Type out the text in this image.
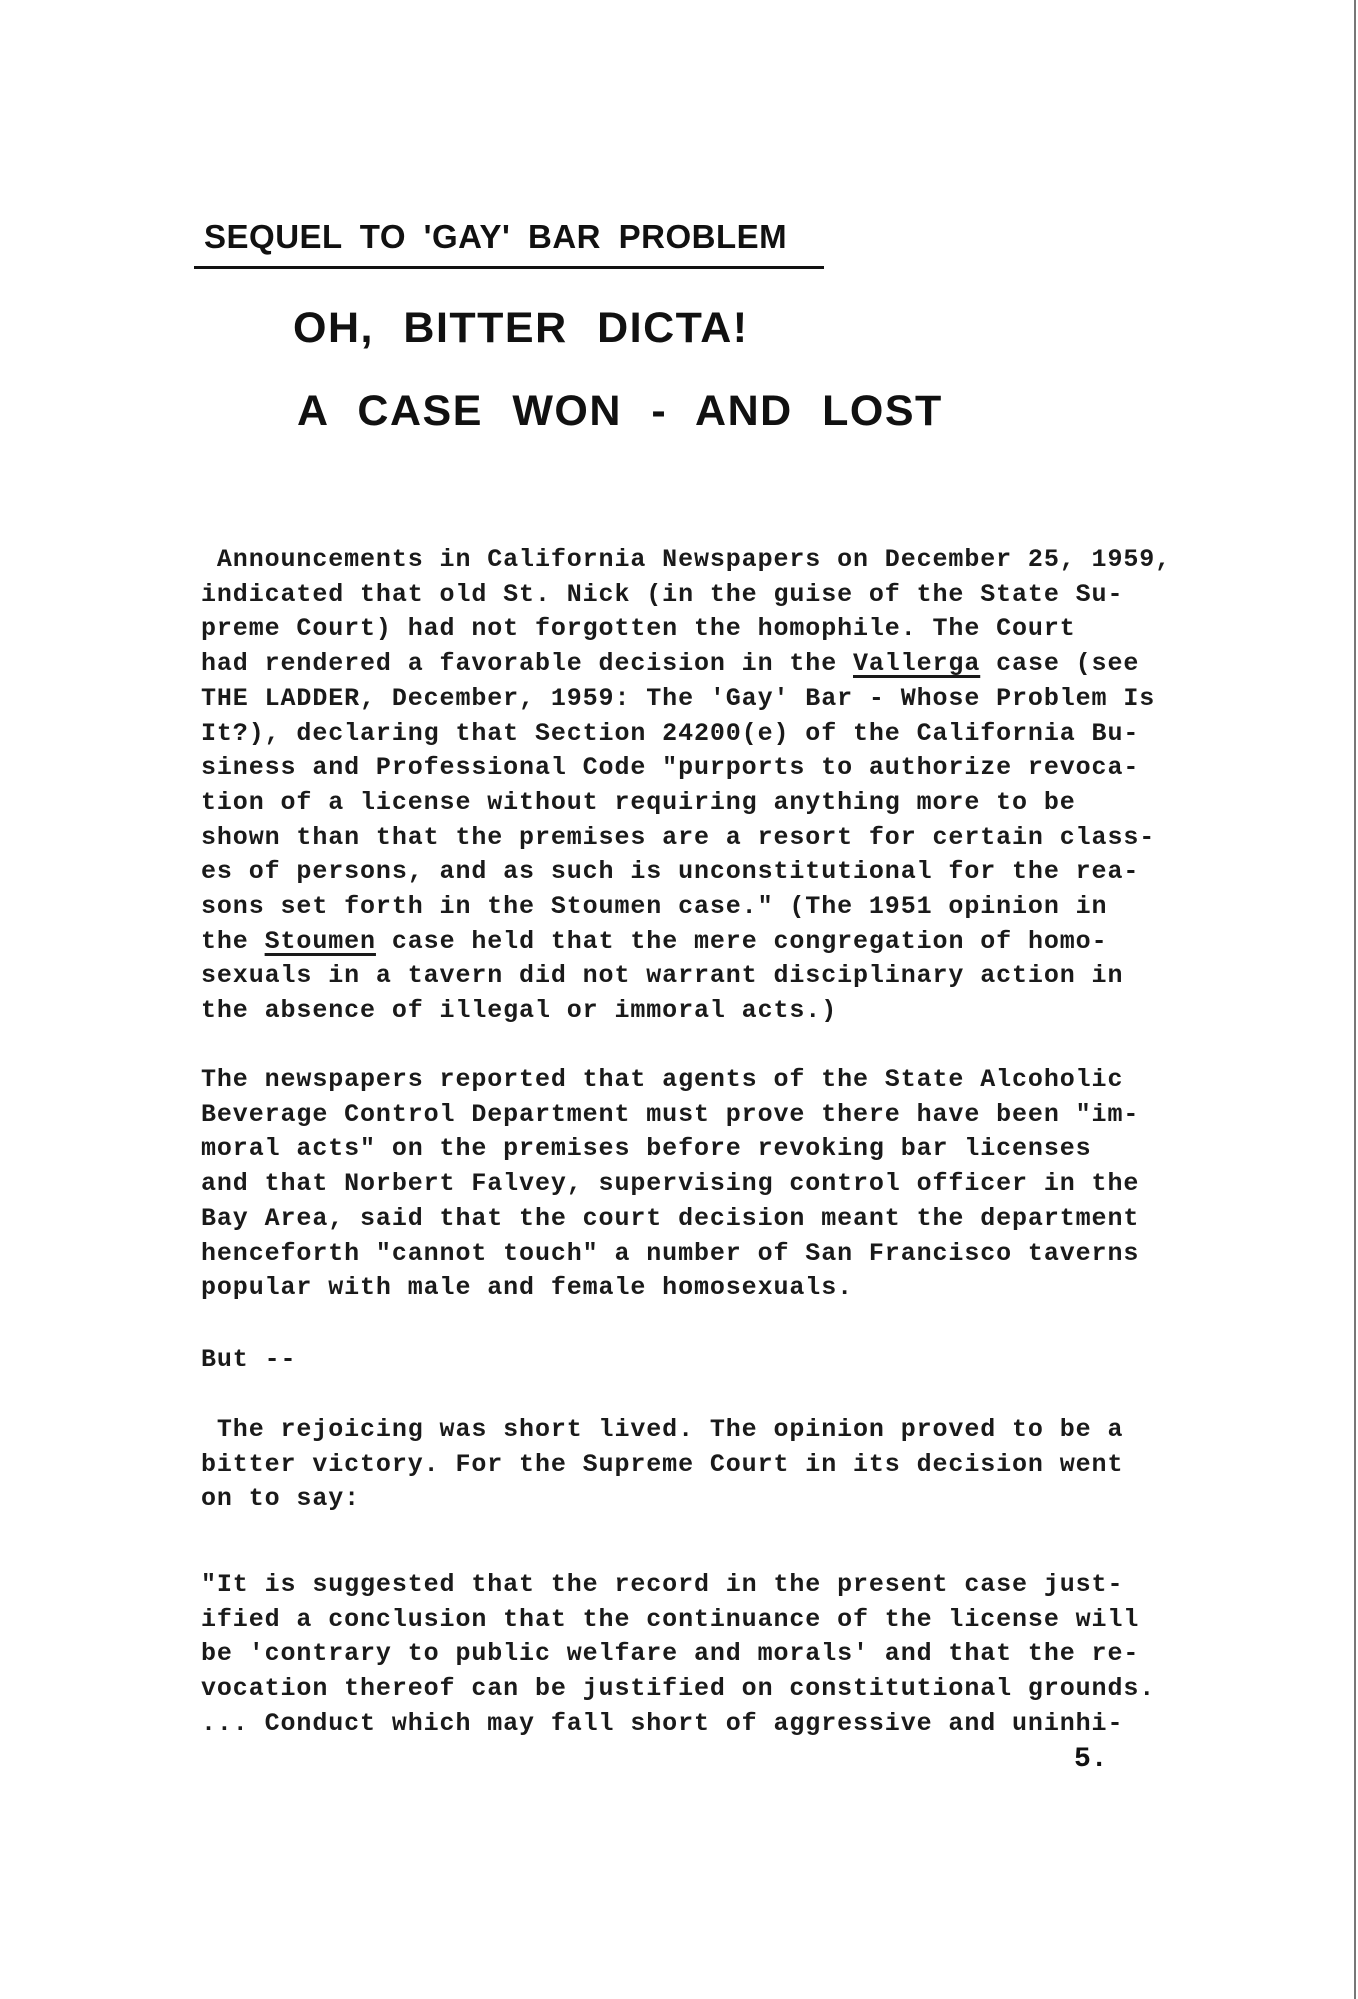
SEQUEL TO 'GAY' BAR PROBLEM
OH, BITTER DICTA!
A CASE WON - AND LOST
Announcements in California Newspapers on December 25, 1959,
indicated that old St. Nick (in the guise of the State Su-
preme Court) had not forgotten the homophile. The Court
had rendered a favorable decision in the Vallerga case (see
THE LADDER, December, 1959: The 'Gay' Bar - Whose Problem Is
It?), declaring that Section 24200(e) of the California Bu-
siness and Professional Code "purports to authorize revoca-
tion of a license without requiring anything more to be
shown than that the premises are a resort for certain class-
es of persons, and as such is unconstitutional for the rea-
sons set forth in the Stoumen case." (The 1951 opinion in
the Stoumen case held that the mere congregation of homo-
sexuals in a tavern did not warrant disciplinary action in
the absence of illegal or immoral acts.)
The newspapers reported that agents of the State Alcoholic
Beverage Control Department must prove there have been "im-
moral acts" on the premises before revoking bar licenses
and that Norbert Falvey, supervising control officer in the
Bay Area, said that the court decision meant the department
henceforth "cannot touch" a number of San Francisco taverns
popular with male and female homosexuals.
But --
The rejoicing was short lived. The opinion proved to be a
bitter victory. For the Supreme Court in its decision went
on to say:
"It is suggested that the record in the present case just-
ified a conclusion that the continuance of the license will
be 'contrary to public welfare and morals' and that the re-
vocation thereof can be justified on constitutional grounds.
... Conduct which may fall short of aggressive and uninhi-
5.
